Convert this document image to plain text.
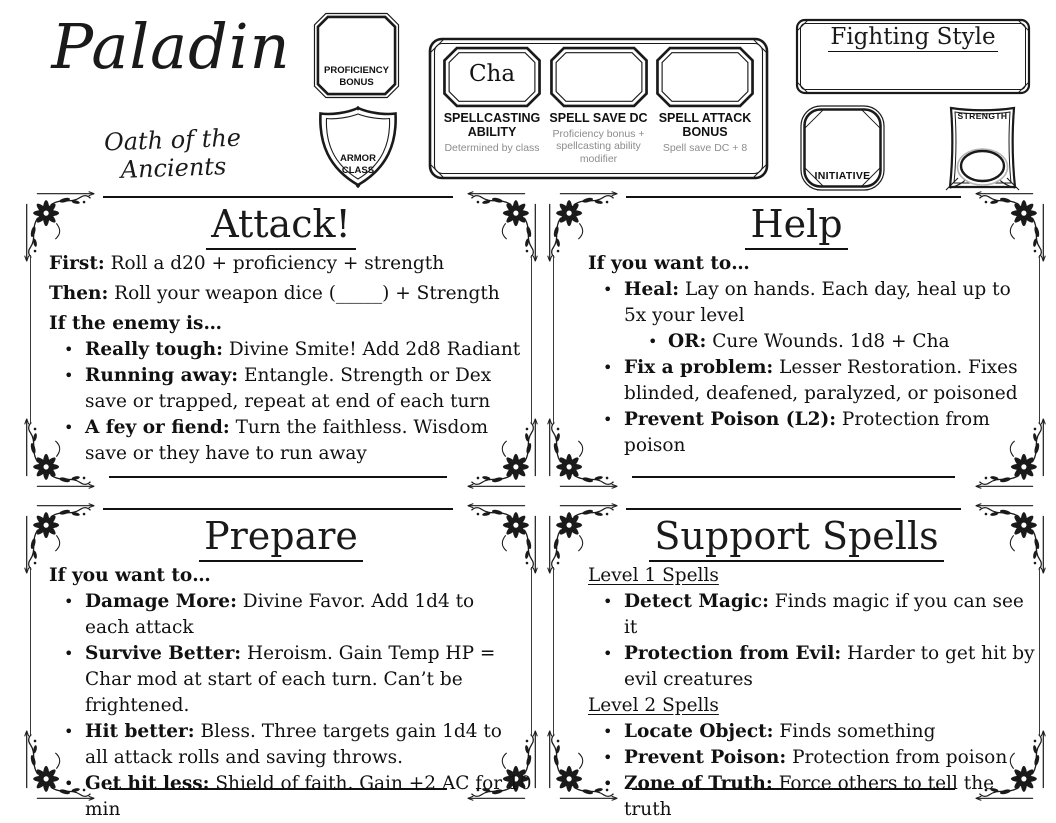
Paladin
Oath of the Ancients
PROFICIENCY BONUS
ARMOR CLASS
Cha
SPELLCASTING ABILITY
Determined by class
SPELL SAVE DC
Proficiency bonus + spellcasting ability modifier
SPELL ATTACK BONUS
Spell save DC + 8
Fighting Style
INITIATIVE
STRENGTH
Attack!
First: Roll a d20 + proficiency + strength
Then: Roll your weapon dice (_____) + Strength
If the enemy is…
• Really tough: Divine Smite! Add 2d8 Radiant
• Running away: Entangle. Strength or Dex save or trapped, repeat at end of each turn
• A fey or fiend: Turn the faithless. Wisdom save or they have to run away
Help
If you want to…
• Heal: Lay on hands. Each day, heal up to 5x your level
• OR: Cure Wounds. 1d8 + Cha
• Fix a problem: Lesser Restoration. Fixes blinded, deafened, paralyzed, or poisoned
• Prevent Poison (L2): Protection from poison
Prepare
If you want to…
• Damage More: Divine Favor. Add 1d4 to each attack
• Survive Better: Heroism. Gain Temp HP = Char mod at start of each turn. Can’t be frightened.
• Hit better: Bless. Three targets gain 1d4 to all attack rolls and saving throws.
• Get hit less: Shield of faith. Gain +2 AC for 10 min
Support Spells
Level 1 Spells
• Detect Magic: Finds magic if you can see it
• Protection from Evil: Harder to get hit by evil creatures
Level 2 Spells
• Locate Object: Finds something
• Prevent Poison: Protection from poison
• Zone of Truth: Force others to tell the truth
